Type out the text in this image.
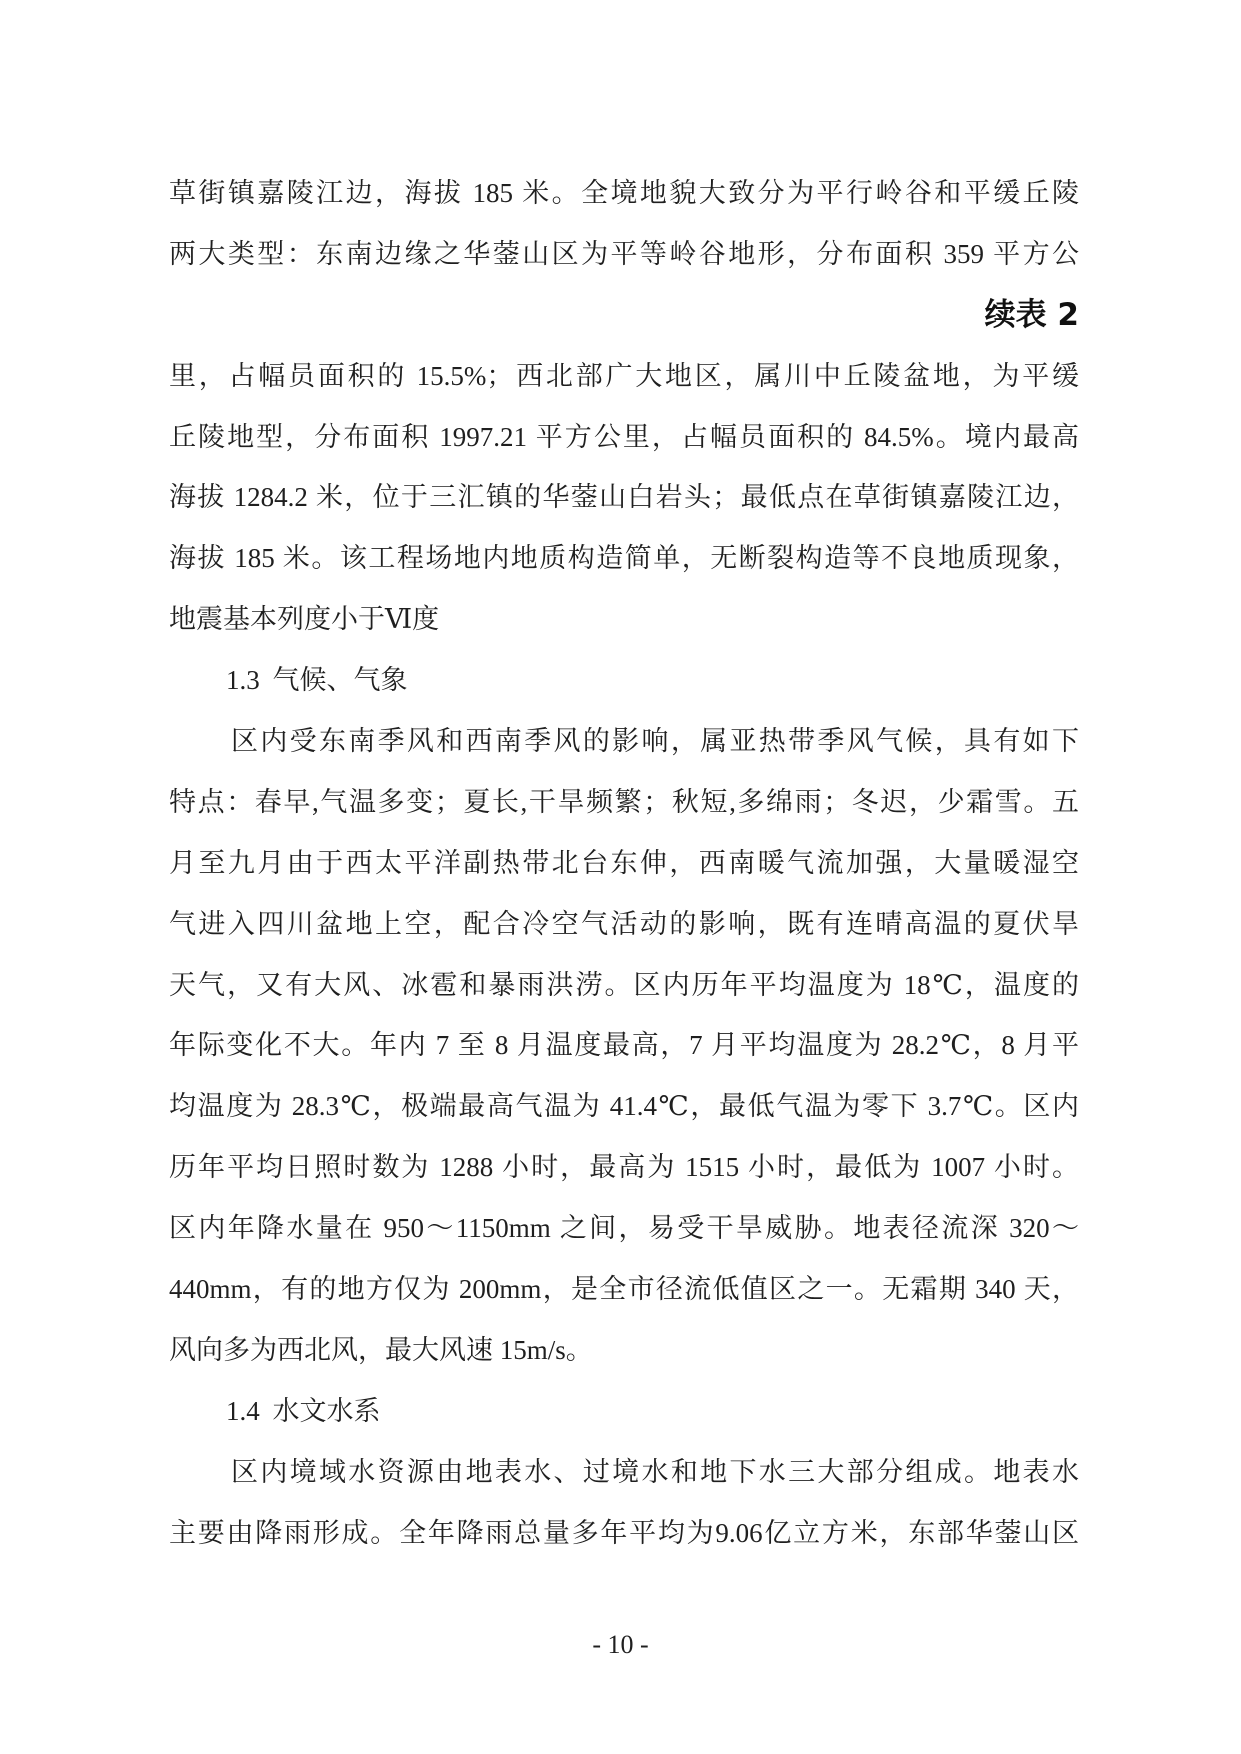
草街镇嘉陵江边，海拔 185 米。全境地貌大致分为平行岭谷和平缓丘陵
两大类型：东南边缘之华蓥山区为平等岭谷地形，分布面积 359 平方公
续表 2
里，占幅员面积的 15.5%；西北部广大地区，属川中丘陵盆地，为平缓
丘陵地型，分布面积 1997.21 平方公里，占幅员面积的 84.5%。境内最高
海拔 1284.2 米，位于三汇镇的华蓥山白岩头；最低点在草街镇嘉陵江边，
海拔 185 米。该工程场地内地质构造简单，无断裂构造等不良地质现象，
地震基本列度小于Ⅵ度
1.3 气候、气象
区内受东南季风和西南季风的影响，属亚热带季风气候，具有如下
特点：春早,气温多变；夏长,干旱频繁；秋短,多绵雨；冬迟，少霜雪。五
月至九月由于西太平洋副热带北台东伸，西南暖气流加强，大量暖湿空
气进入四川盆地上空，配合冷空气活动的影响，既有连晴高温的夏伏旱
天气，又有大风、冰雹和暴雨洪涝。区内历年平均温度为 18℃，温度的
年际变化不大。年内 7 至 8 月温度最高，7 月平均温度为 28.2℃，8 月平
均温度为 28.3℃，极端最高气温为 41.4℃，最低气温为零下 3.7℃。区内
历年平均日照时数为 1288 小时，最高为 1515 小时，最低为 1007 小时。
区内年降水量在 950～1150mm 之间，易受干旱威胁。地表径流深 320～
440mm，有的地方仅为 200mm，是全市径流低值区之一。无霜期 340 天，
风向多为西北风，最大风速 15m/s。
1.4 水文水系
区内境域水资源由地表水、过境水和地下水三大部分组成。地表水
主要由降雨形成。全年降雨总量多年平均为9.06亿立方米，东部华蓥山区
- 10 -
